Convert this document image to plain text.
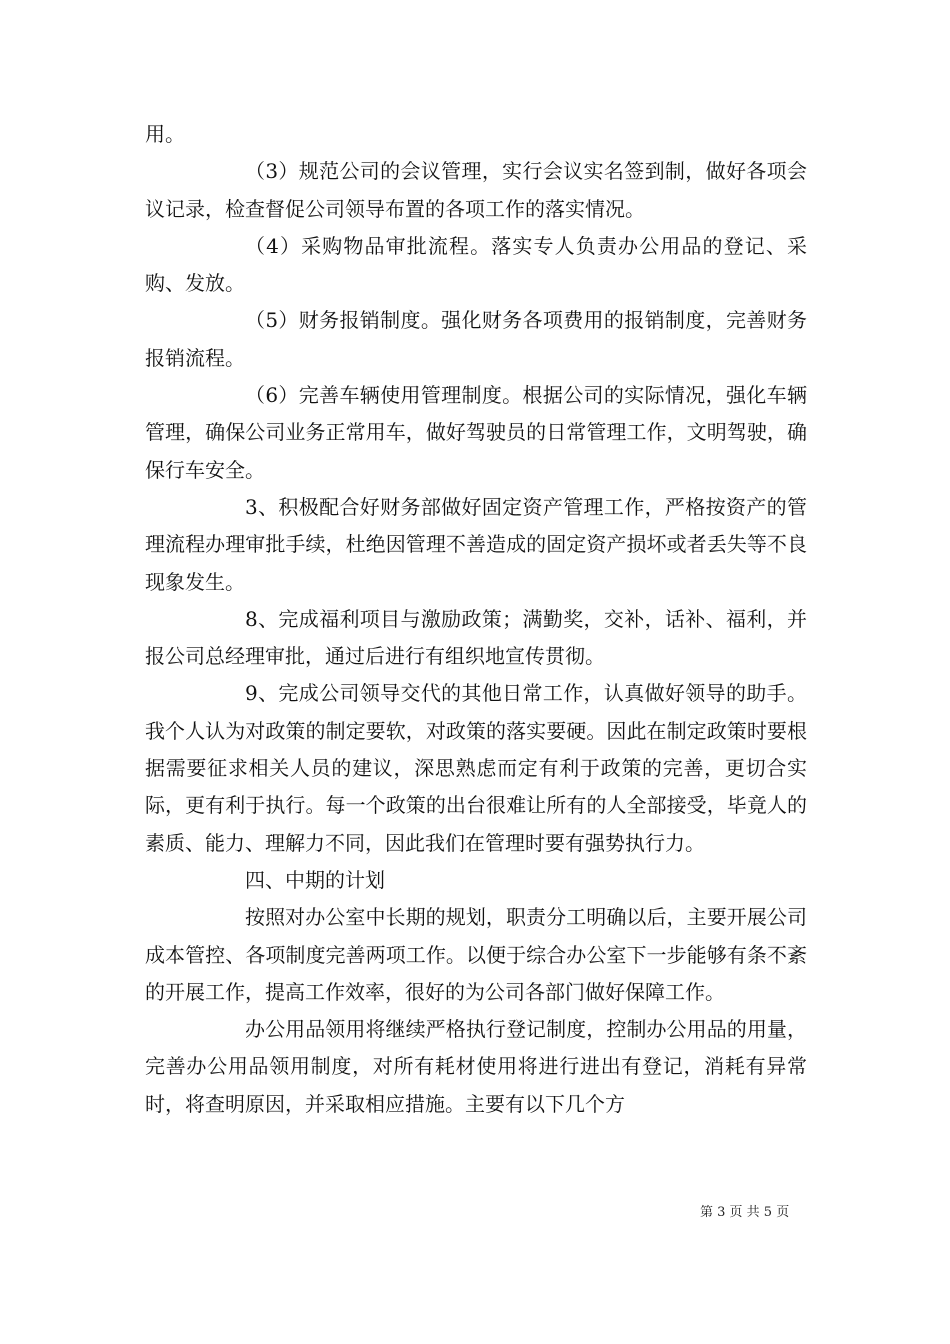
用。

（3）规范公司的会议管理，实行会议实名签到制，做好各项会议记录，检查督促公司领导布置的各项工作的落实情况。

（4）采购物品审批流程。落实专人负责办公用品的登记、采购、发放。

（5）财务报销制度。强化财务各项费用的报销制度，完善财务报销流程。

（6）完善车辆使用管理制度。根据公司的实际情况，强化车辆管理，确保公司业务正常用车，做好驾驶员的日常管理工作，文明驾驶，确保行车安全。

3、积极配合好财务部做好固定资产管理工作，严格按资产的管理流程办理审批手续，杜绝因管理不善造成的固定资产损坏或者丢失等不良现象发生。

8、完成福利项目与激励政策；满勤奖，交补，话补、福利，并报公司总经理审批，通过后进行有组织地宣传贯彻。

9、完成公司领导交代的其他日常工作，认真做好领导的助手。我个人认为对政策的制定要软，对政策的落实要硬。因此在制定政策时要根据需要征求相关人员的建议，深思熟虑而定有利于政策的完善，更切合实际，更有利于执行。每一个政策的出台很难让所有的人全部接受，毕竟人的素质、能力、理解力不同，因此我们在管理时要有强势执行力。

四、中期的计划

按照对办公室中长期的规划，职责分工明确以后，主要开展公司成本管控、各项制度完善两项工作。以便于综合办公室下一步能够有条不紊的开展工作，提高工作效率，很好的为公司各部门做好保障工作。

办公用品领用将继续严格执行登记制度，控制办公用品的用量，完善办公用品领用制度，对所有耗材使用将进行进出有登记，消耗有异常时，将查明原因，并采取相应措施。主要有以下几个方

第 3 页 共 5 页
